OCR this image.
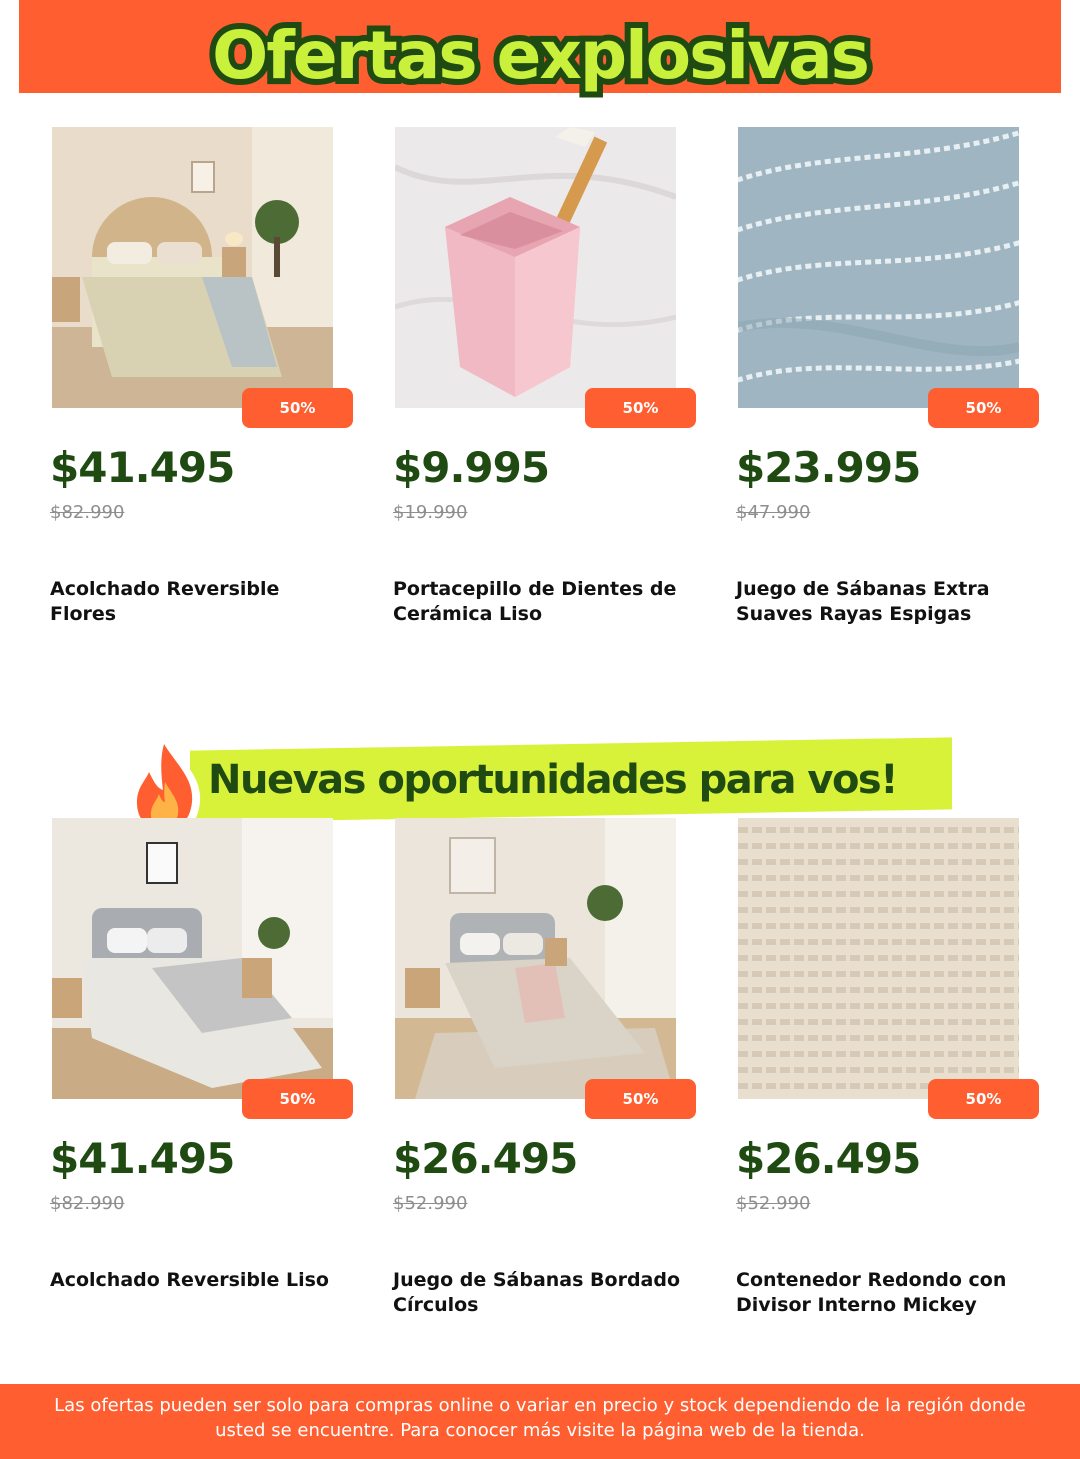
Ofertas explosivas
50%
$41.495
$82.990
Acolchado Reversible Flores
50%
$9.995
$19.990
Portacepillo de Dientes de Cerámica Liso
50%
$23.995
$47.990
Juego de Sábanas Extra Suaves Rayas Espigas
Nuevas oportunidades para vos!
50%
$41.495
$82.990
Acolchado Reversible Liso
50%
$26.495
$52.990
Juego de Sábanas Bordado Círculos
50%
$26.495
$52.990
Contenedor Redondo con Divisor Interno Mickey
Las ofertas pueden ser solo para compras online o variar en precio y stock dependiendo de la región donde usted se encuentre. Para conocer más visite la página web de la tienda.
